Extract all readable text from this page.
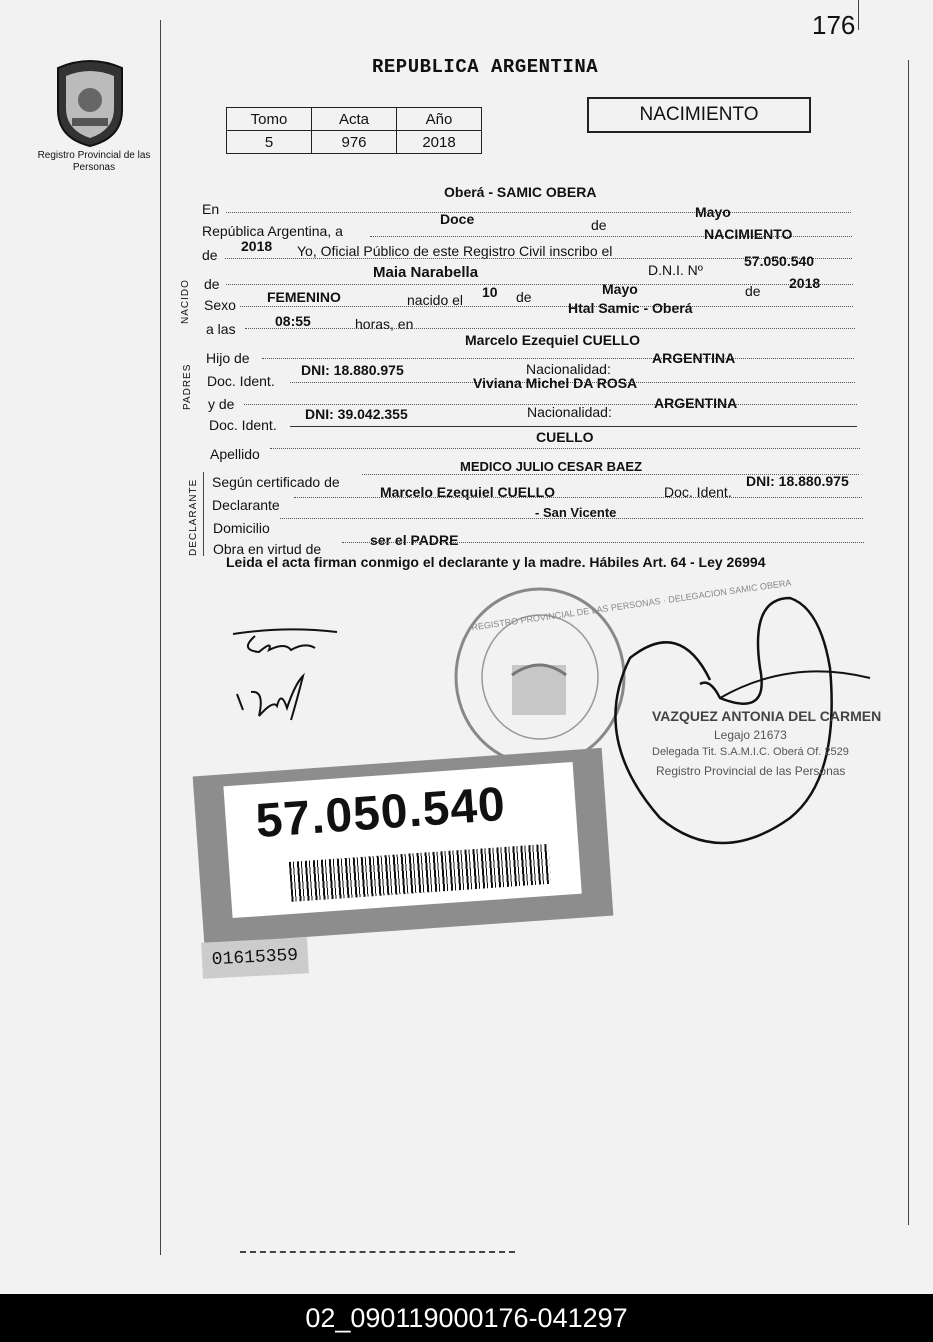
176
Registro Provincial de las Personas
REPUBLICA ARGENTINA
Tomo	Acta	Año
5	976	2018
NACIMIENTO
Oberá - SAMIC OBERA
En
República Argentina, a
Doce	de
Mayo
de
2018 Yo, Oficial Público de este Registro Civil inscribo el
NACIMIENTO
NACIDO de
Maia Narabella	D.N.I. Nº
57.050.540
Sexo FEMENINO	nacido el 10 de	Mayo	de 2018
a las	08:55	horas, en
Htal Samic - Oberá
PADRES
Hijo de
Marcelo Ezequiel CUELLO
Doc. Ident.
DNI: 18.880.975	Nacionalidad:
ARGENTINA
y de
Viviana Michel DA ROSA
Doc. Ident.
DNI: 39.042.355	Nacionalidad:
ARGENTINA
Apellido
CUELLO
DECLARANTE Según certificado de
MEDICO JULIO CESAR BAEZ
Declarante
Marcelo Ezequiel CUELLO	Doc. Ident.
DNI: 18.880.975
Domicilio
- San Vicente
Obra en virtud de
ser el PADRE
Leida el acta firman conmigo el declarante y la madre. Hábiles Art. 64 - Ley 26994
REGISTRO PROVINCIAL DE LAS PERSONAS · DELEGACION SAMIC OBERA
VAZQUEZ ANTONIA DEL CARMEN
Legajo 21673
Delegada Tit. S.A.M.I.C. Oberá Of. 2529
Registro Provincial de las Personas
57.050.540
01615359
02_090119000176-041297
